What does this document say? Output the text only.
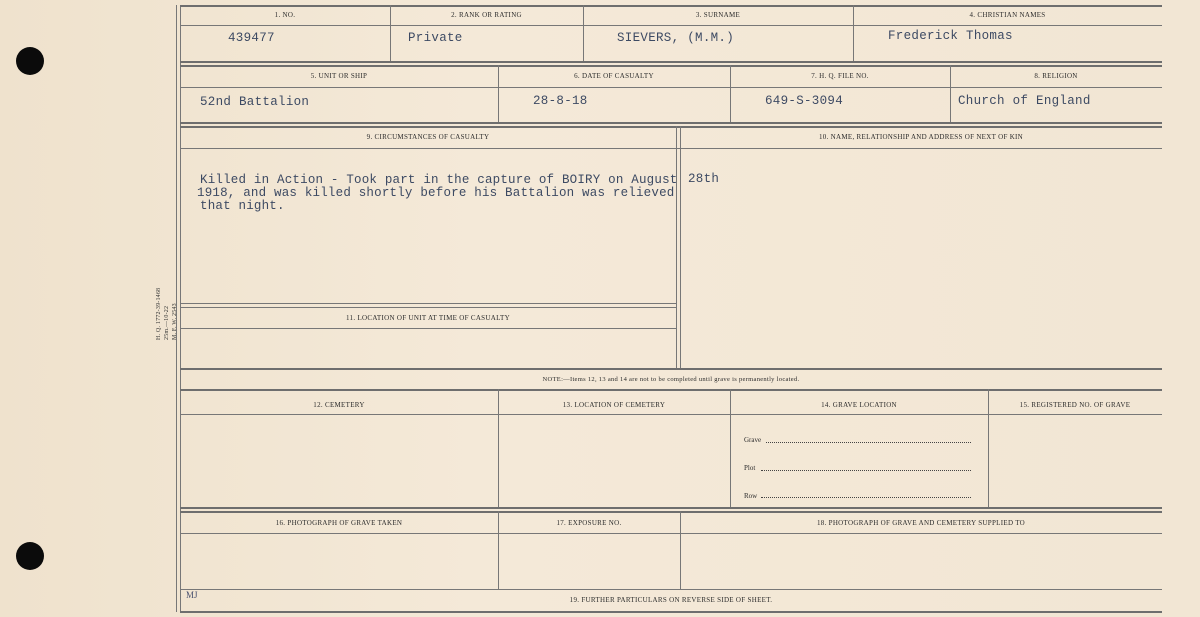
M. F. W. 2543
25m.—10-22
H. Q. 1772-39-1468
1. NO.	2. RANK OR RATING	3. SURNAME	4. CHRISTIAN NAMES
439477	Private	SIEVERS, (M.M.)	Frederick Thomas
5. UNIT OR SHIP	6. DATE OF CASUALTY	7. H. Q. FILE NO.	8. RELIGION
52nd Battalion	28-8-18	649-S-3094	Church of England
9. CIRCUMSTANCES OF CASUALTY	10. NAME, RELATIONSHIP AND ADDRESS OF NEXT OF KIN
Killed in Action - Took part in the capture of BOIRY on August
1918, and was killed shortly before his Battalion was relieved
that night.
28th
11. LOCATION OF UNIT AT TIME OF CASUALTY
NOTE:—Items 12, 13 and 14 are not to be completed until grave is permanently located.
12. CEMETERY	13. LOCATION OF CEMETERY	14. GRAVE LOCATION	15. REGISTERED NO. OF GRAVE
Grave
Plot
Row
16. PHOTOGRAPH OF GRAVE TAKEN	17. EXPOSURE NO.	18. PHOTOGRAPH OF GRAVE AND CEMETERY SUPPLIED TO
MJ	19. FURTHER PARTICULARS ON REVERSE SIDE OF SHEET.
